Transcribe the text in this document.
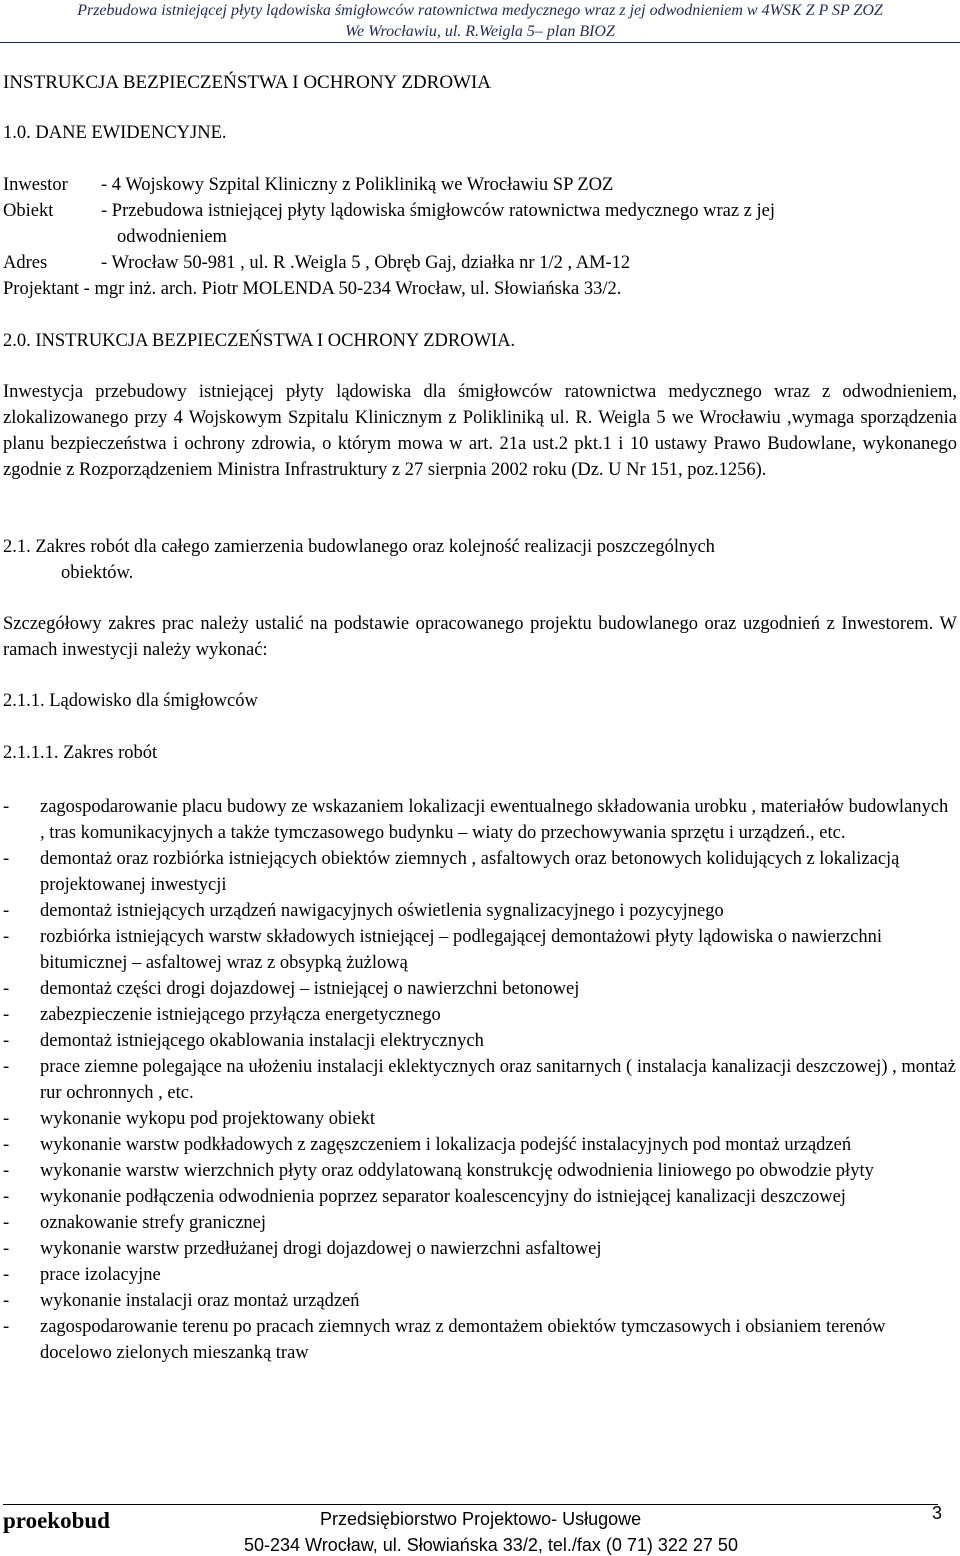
Przebudowa istniejącej płyty lądowiska śmigłowców ratownictwa medycznego wraz z jej odwodnieniem w 4WSK Z P SP ZOZ
We Wrocławiu, ul. R.Weigla 5– plan BIOZ
INSTRUKCJA BEZPIECZEŃSTWA I OCHRONY ZDROWIA
1.0. DANE EWIDENCYJNE.
Inwestor - 4 Wojskowy Szpital Kliniczny z Polikliniką we Wrocławiu SP ZOZ
Obiekt	- Przebudowa istniejącej płyty lądowiska śmigłowców ratownictwa medycznego wraz z jej
odwodnieniem
Adres	- Wrocław 50-981 , ul. R .Weigla 5 , Obręb Gaj, działka nr 1/2 , AM-12
Projektant - mgr inż. arch. Piotr MOLENDA 50-234 Wrocław, ul. Słowiańska 33/2.
2.0. INSTRUKCJA BEZPIECZEŃSTWA I OCHRONY ZDROWIA.
Inwestycja przebudowy istniejącej płyty lądowiska dla śmigłowców ratownictwa medycznego wraz z odwodnieniem, zlokalizowanego przy 4 Wojskowym Szpitalu Klinicznym z Polikliniką ul. R. Weigla 5 we Wrocławiu ,wymaga sporządzenia planu bezpieczeństwa i ochrony zdrowia, o którym mowa w art. 21a ust.2 pkt.1 i 10 ustawy Prawo Budowlane, wykonanego zgodnie z Rozporządzeniem Ministra Infrastruktury z 27 sierpnia 2002 roku (Dz. U Nr 151, poz.1256).
2.1. Zakres robót dla całego zamierzenia budowlanego oraz kolejność realizacji poszczególnych
obiektów.
Szczegółowy zakres prac należy ustalić na podstawie opracowanego projektu budowlanego oraz uzgodnień z Inwestorem. W ramach inwestycji należy wykonać:
2.1.1. Lądowisko dla śmigłowców
2.1.1.1. Zakres robót
- zagospodarowanie placu budowy ze wskazaniem lokalizacji ewentualnego składowania urobku , materiałów budowlanych , tras komunikacyjnych a także tymczasowego budynku – wiaty do przechowywania sprzętu i urządzeń., etc.
- demontaż oraz rozbiórka istniejących obiektów ziemnych , asfaltowych oraz betonowych kolidujących z lokalizacją projektowanej inwestycji
- demontaż istniejących urządzeń nawigacyjnych oświetlenia sygnalizacyjnego i pozycyjnego
- rozbiórka istniejących warstw składowych istniejącej – podlegającej demontażowi płyty lądowiska o nawierzchni bitumicznej – asfaltowej wraz z obsypką żużlową
- demontaż części drogi dojazdowej – istniejącej o nawierzchni betonowej
- zabezpieczenie istniejącego przyłącza energetycznego
- demontaż istniejącego okablowania instalacji elektrycznych
- prace ziemne polegające na ułożeniu instalacji eklektycznych oraz sanitarnych ( instalacja kanalizacji deszczowej) , montaż rur ochronnych , etc.
- wykonanie wykopu pod projektowany obiekt
- wykonanie warstw podkładowych z zagęszczeniem i lokalizacja podejść instalacyjnych pod montaż urządzeń
- wykonanie warstw wierzchnich płyty oraz oddylatowaną konstrukcję odwodnienia liniowego po obwodzie płyty
- wykonanie podłączenia odwodnienia poprzez separator koalescencyjny do istniejącej kanalizacji deszczowej
- oznakowanie strefy granicznej
- wykonanie warstw przedłużanej drogi dojazdowej o nawierzchni asfaltowej
- prace izolacyjne
- wykonanie instalacji oraz montaż urządzeń
- zagospodarowanie terenu po pracach ziemnych wraz z demontażem obiektów tymczasowych i obsianiem terenów docelowo zielonych mieszanką traw
proekobud	Przedsiębiorstwo Projektowo- Usługowe
50-234 Wrocław, ul. Słowiańska 33/2, tel./fax (0 71) 322 27 50
3
